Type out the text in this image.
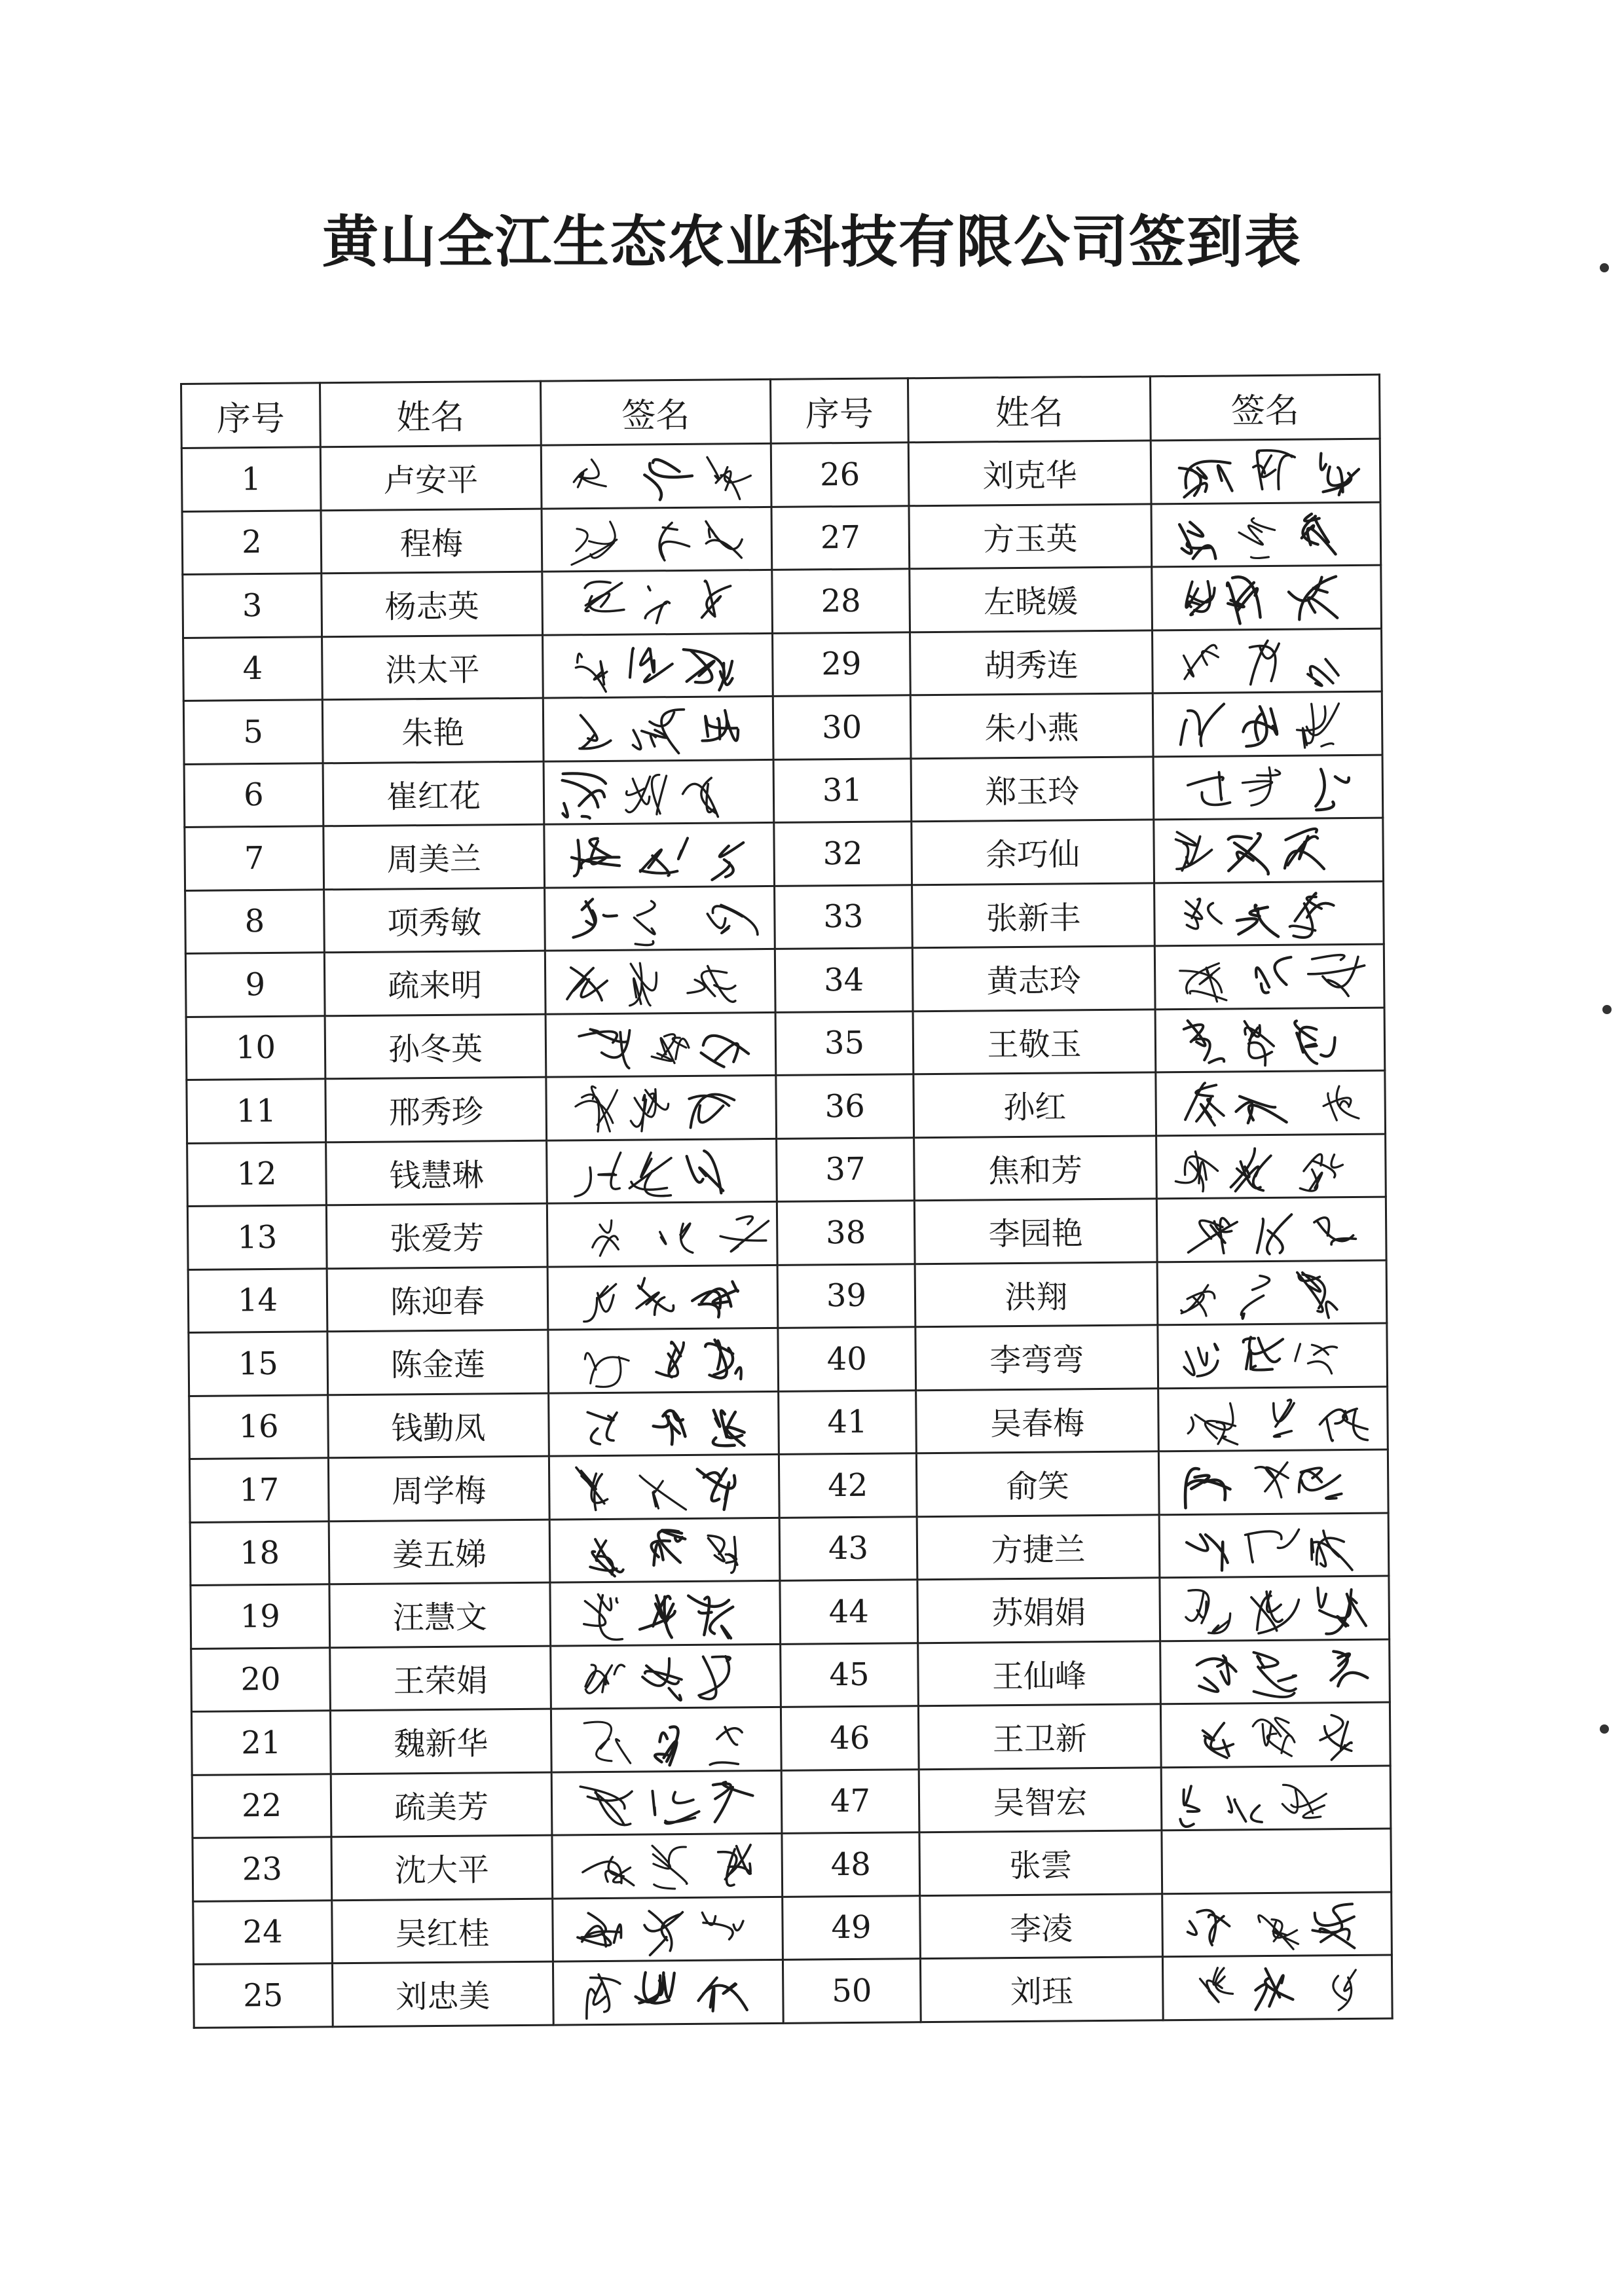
黄山全江生态农业科技有限公司签到表
序号	姓名	签名	序号	姓名	签名
1	卢安平		26	刘克华	

2	程梅		27	方玉英	

3	杨志英		28	左晓媛	

4	洪太平		29	胡秀连	

5	朱艳		30	朱小燕	

6	崔红花		31	郑玉玲	

7	周美兰		32	余巧仙	

8	项秀敏		33	张新丰	

9	疏来明		34	黄志玲	

10	孙冬英		35	王敬玉	

11	邢秀珍		36	孙红	

12	钱慧琳		37	焦和芳	

13	张爱芳		38	李园艳	

14	陈迎春		39	洪翔	

15	陈金莲		40	李弯弯	

16	钱勤凤		41	吴春梅	

17	周学梅		42	俞笑	

18	姜五娣		43	方捷兰	

19	汪慧文		44	苏娟娟	

20	王荣娟		45	王仙峰	

21	魏新华		46	王卫新	

22	疏美芳		47	吴智宏	

23	沈大平		48	张雲	

24	吴红桂		49	李凌	

25	刘忠美		50	刘珏	
